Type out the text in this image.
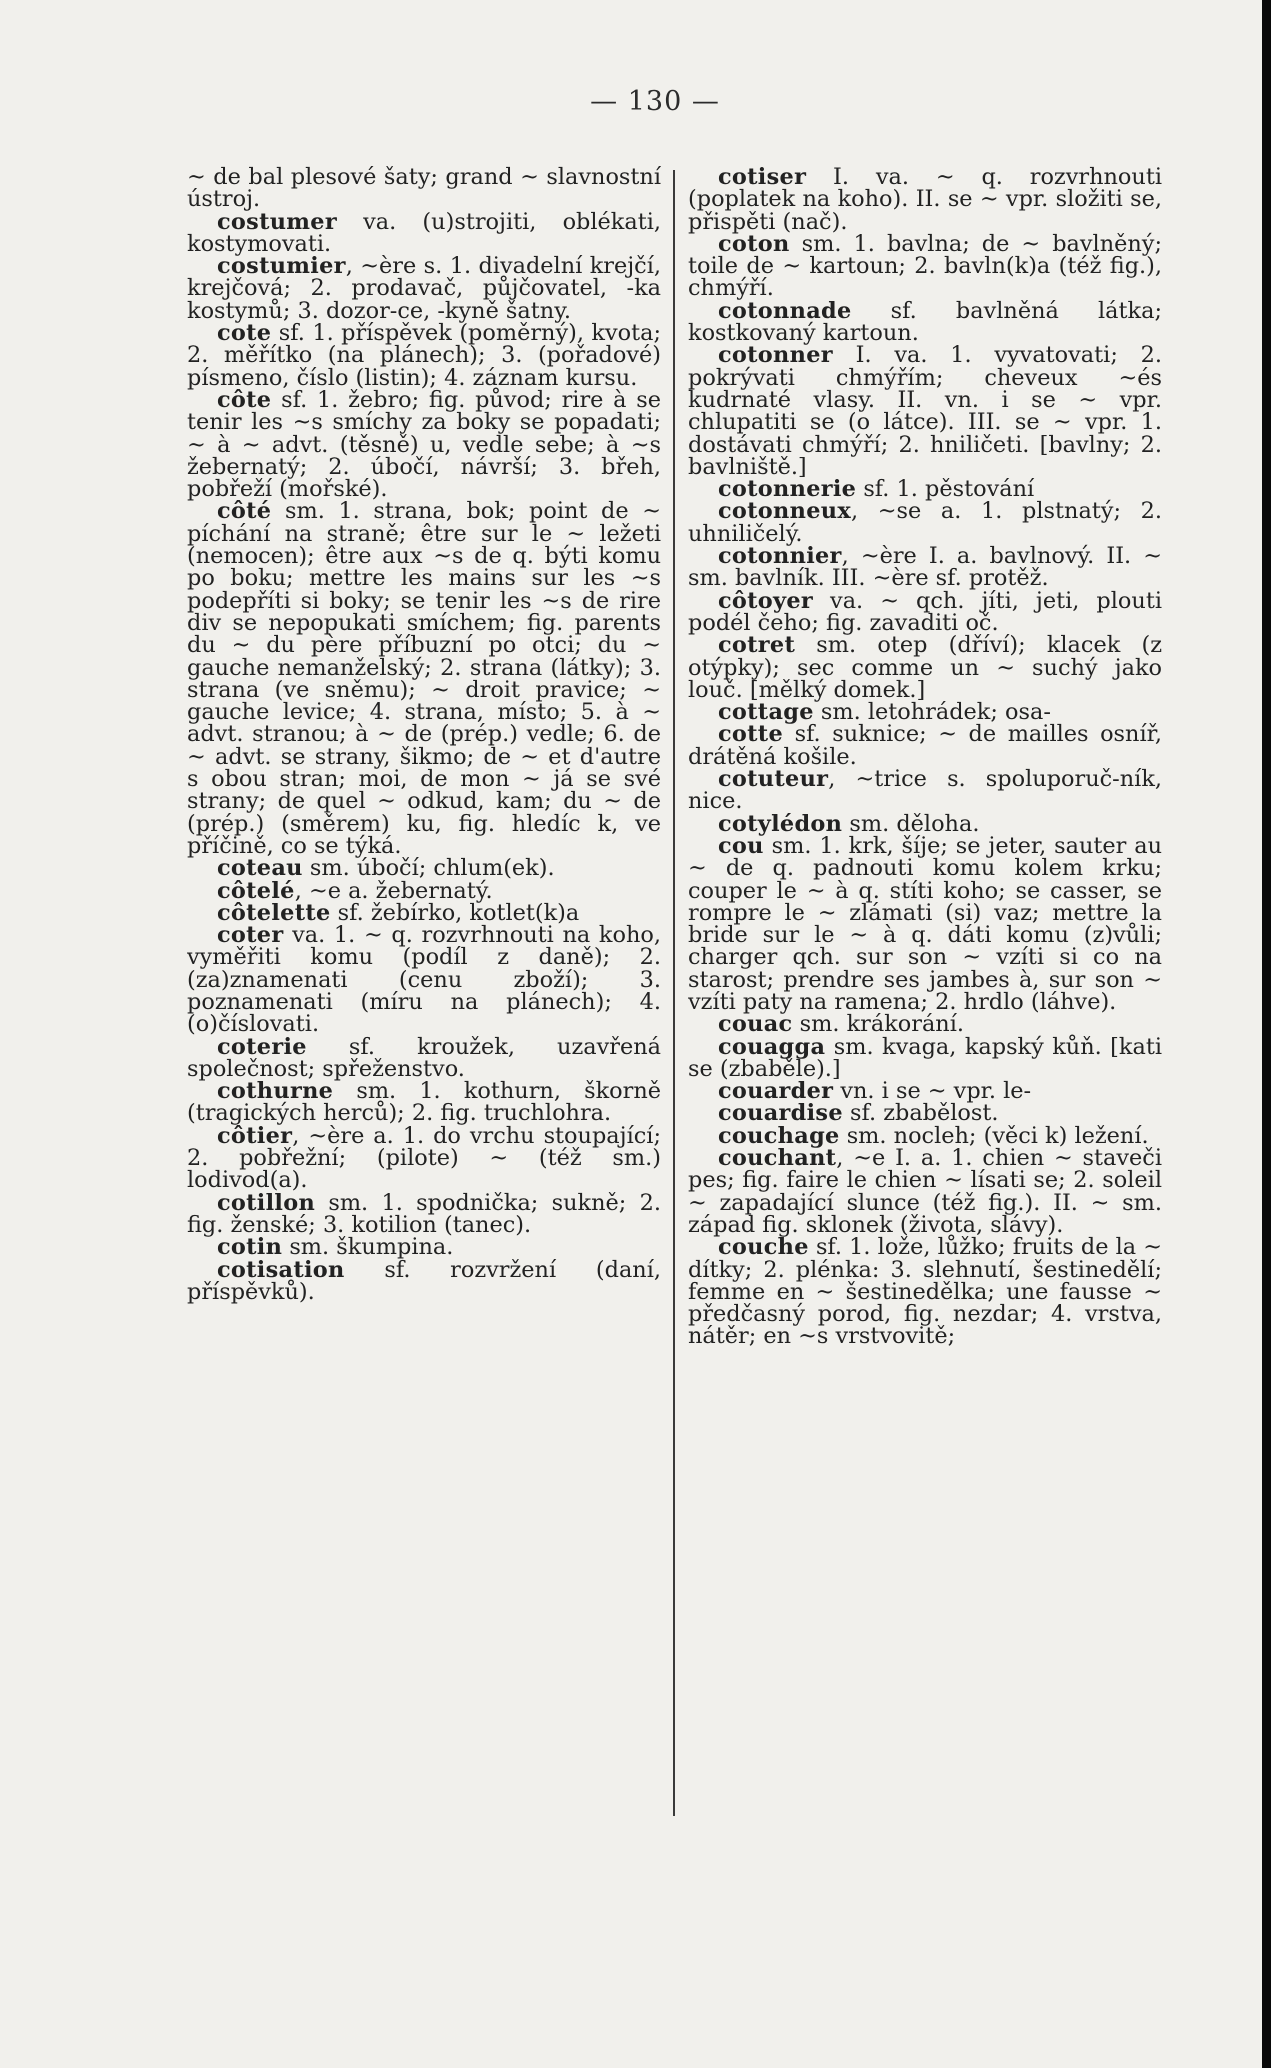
— 130 —

~ de bal plesové šaty; grand ~ slavnostní ústroj.

costumer va. (u)strojiti, oblékati, kostymovati.

costumier, ~ère s. 1. divadelní krejčí, krejčová; 2. prodavač, půjčovatel, -ka kostymů; 3. dozor-ce, -kyně šatny.

cote sf. 1. příspěvek (poměrný), kvota; 2. měřítko (na plánech); 3. (pořadové) písmeno, číslo (listin); 4. záznam kursu.

côte sf. 1. žebro; fig. původ; rire à se tenir les ~s smíchy za boky se popadati; ~ à ~ advt. (těsně) u, vedle sebe; à ~s žebernatý; 2. úbočí, návrší; 3. břeh, pobřeží (mořské).

côté sm. 1. strana, bok; point de ~ píchání na straně; être sur le ~ ležeti (nemocen); être aux ~s de q. býti komu po boku; mettre les mains sur les ~s podepříti si boky; se tenir les ~s de rire div se nepopukati smíchem; fig. parents du ~ du père příbuzní po otci; du ~ gauche nemanželský; 2. strana (látky); 3. strana (ve sněmu); ~ droit pravice; ~ gauche levice; 4. strana, místo; 5. à ~ advt. stranou; à ~ de (prép.) vedle; 6. de ~ advt. se strany, šikmo; de ~ et d'autre s obou stran; moi, de mon ~ já se své strany; de quel ~ odkud, kam; du ~ de (prép.) (směrem) ku, fig. hledíc k, ve příčině, co se týká.

coteau sm. úbočí; chlum(ek).

côtelé, ~e a. žebernatý.

côtelette sf. žebírko, kotlet(k)a

coter va. 1. ~ q. rozvrhnouti na koho, vyměřiti komu (podíl z daně); 2. (za)znamenati (cenu zboží); 3. poznamenati (míru na plánech); 4. (o)číslovati.

coterie sf. kroužek, uzavřená společnost; spřeženstvo.

cothurne sm. 1. kothurn, škorně (tragických herců); 2. fig. truchlohra.

côtier, ~ère a. 1. do vrchu stoupající; 2. pobřežní; (pilote) ~ (též sm.) lodivod(a).

cotillon sm. 1. spodnička; sukně; 2. fig. ženské; 3. kotilion (tanec).

cotin sm. škumpina.

cotisation sf. rozvržení (daní, příspěvků).

cotiser I. va. ~ q. rozvrhnouti (poplatek na koho). II. se ~ vpr. složiti se, přispěti (nač).

coton sm. 1. bavlna; de ~ bavlněný; toile de ~ kartoun; 2. bavln(k)a (též fig.), chmýří.

cotonnade sf. bavlněná látka; kostkovaný kartoun.

cotonner I. va. 1. vyvatovati; 2. pokrývati chmýřím; cheveux ~és kudrnaté vlasy. II. vn. i se ~ vpr. chlupatiti se (o látce). III. se ~ vpr. 1. dostávati chmýří; 2. hniličeti. [bavlny; 2. bavlniště.]

cotonnerie sf. 1. pěstování

cotonneux, ~se a. 1. plstnatý; 2. uhniličelý.

cotonnier, ~ère I. a. bavlnový. II. ~ sm. bavlník. III. ~ère sf. protěž.

côtoyer va. ~ qch. jíti, jeti, plouti podél čeho; fig. zavaditi oč.

cotret sm. otep (dříví); klacek (z otýpky); sec comme un ~ suchý jako louč. [mělký domek.]

cottage sm. letohrádek; osa-

cotte sf. suknice; ~ de mailles osníř, drátěná košile.

cotuteur, ~trice s. spoluporuč-ník, nice.

cotylédon sm. děloha.

cou sm. 1. krk, šíje; se jeter, sauter au ~ de q. padnouti komu kolem krku; couper le ~ à q. stíti koho; se casser, se rompre le ~ zlámati (si) vaz; mettre la bride sur le ~ à q. dáti komu (z)vůli; charger qch. sur son ~ vzíti si co na starost; prendre ses jambes à, sur son ~ vzíti paty na ramena; 2. hrdlo (láhve).

couac sm. krákorání.

couagga sm. kvaga, kapský kůň. [kati se (zbaběle).]

couarder vn. i se ~ vpr. le-

couardise sf. zbabělost.

couchage sm. nocleh; (věci k) ležení.

couchant, ~e I. a. 1. chien ~ staveči pes; fig. faire le chien ~ lísati se; 2. soleil ~ zapadající slunce (též fig.). II. ~ sm. západ fig. sklonek (života, slávy).

couche sf. 1. lože, lůžko; fruits de la ~ dítky; 2. plénka: 3. slehnutí, šestinedělí; femme en ~ šestinedělka; une fausse ~ předčasný porod, fig. nezdar; 4. vrstva, nátěr; en ~s vrstvovitě;
